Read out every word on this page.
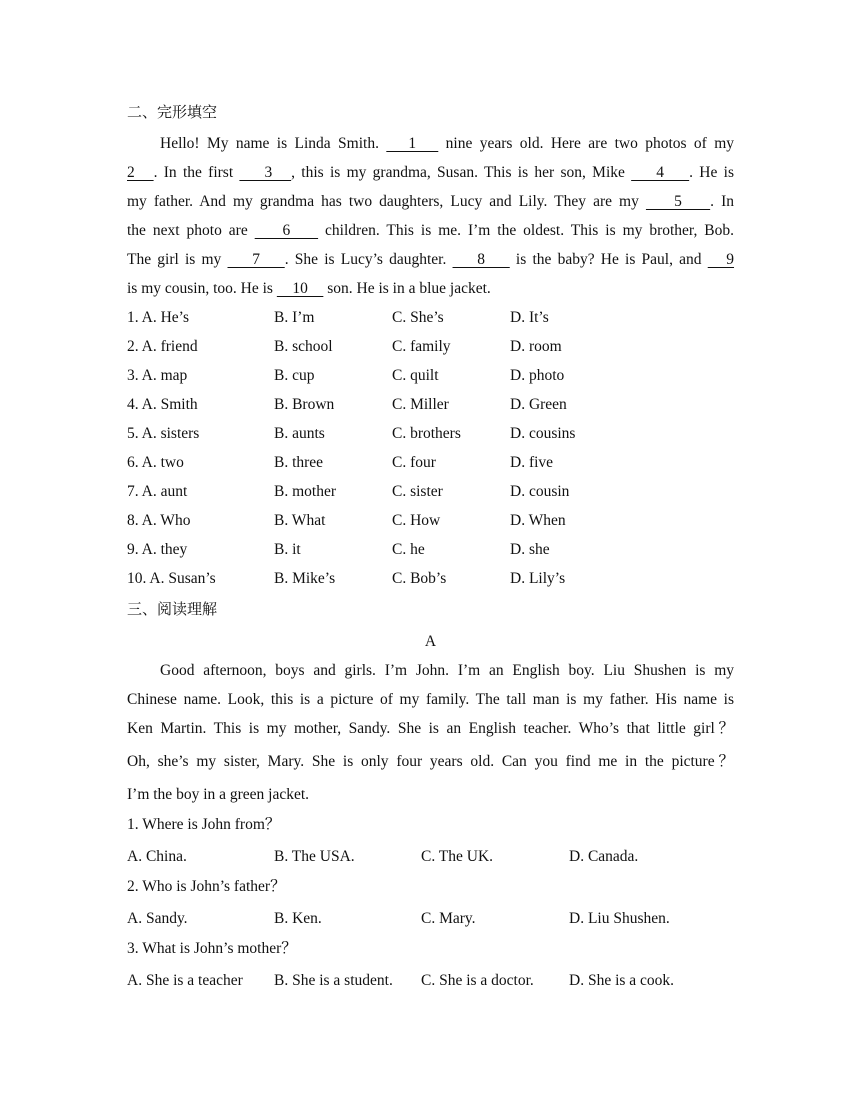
二、完形填空
Hello! My name is Linda Smith.    1    nine years old. Here are two photos of my
2   . In the first     3   , this is my grandma, Susan. This is her son, Mike     4    . He is
my father. And my grandma has two daughters, Lucy and Lily. They are my     5    . In
the next photo are     6     children. This is me. I’m the oldest. This is my brother, Bob.
The girl is my     7    . She is Lucy’s daughter.     8     is the baby? He is Paul, and    9
is my cousin, too. He is     10     son. He is in a blue jacket.
1. A. He’s	B. I’m	C. She’s	D. It’s
2. A. friend	B. school	C. family	D. room
3. A. map	B. cup	C. quilt	D. photo
4. A. Smith	B. Brown	C. Miller	D. Green
5. A. sisters	B. aunts	C. brothers	D. cousins
6. A. two	B. three	C. four	D. five
7. A. aunt	B. mother	C. sister	D. cousin
8. A. Who	B. What	C. How	D. When
9. A. they	B. it	C. he	D. she
10. A. Susan’s	B. Mike’s	C. Bob’s	D. Lily’s
三、阅读理解
A
Good afternoon, boys and girls. I’m John. I’m an English boy. Liu Shushen is my
Chinese name. Look, this is a picture of my family. The tall man is my father. His name is
Ken Martin. This is my mother, Sandy. She is an English teacher. Who’s that little girl？
Oh, she’s my sister, Mary. She is only four years old. Can you find me in the picture？
I’m the boy in a green jacket.
1. Where is John from？
A. China.	B. The USA.	C. The UK.	D. Canada.
2. Who is John’s father？
A. Sandy.	B. Ken.	C. Mary.	D. Liu Shushen.
3. What is John’s mother？
A. She is a teacher B. She is a student. C. She is a doctor. D. She is a cook.
